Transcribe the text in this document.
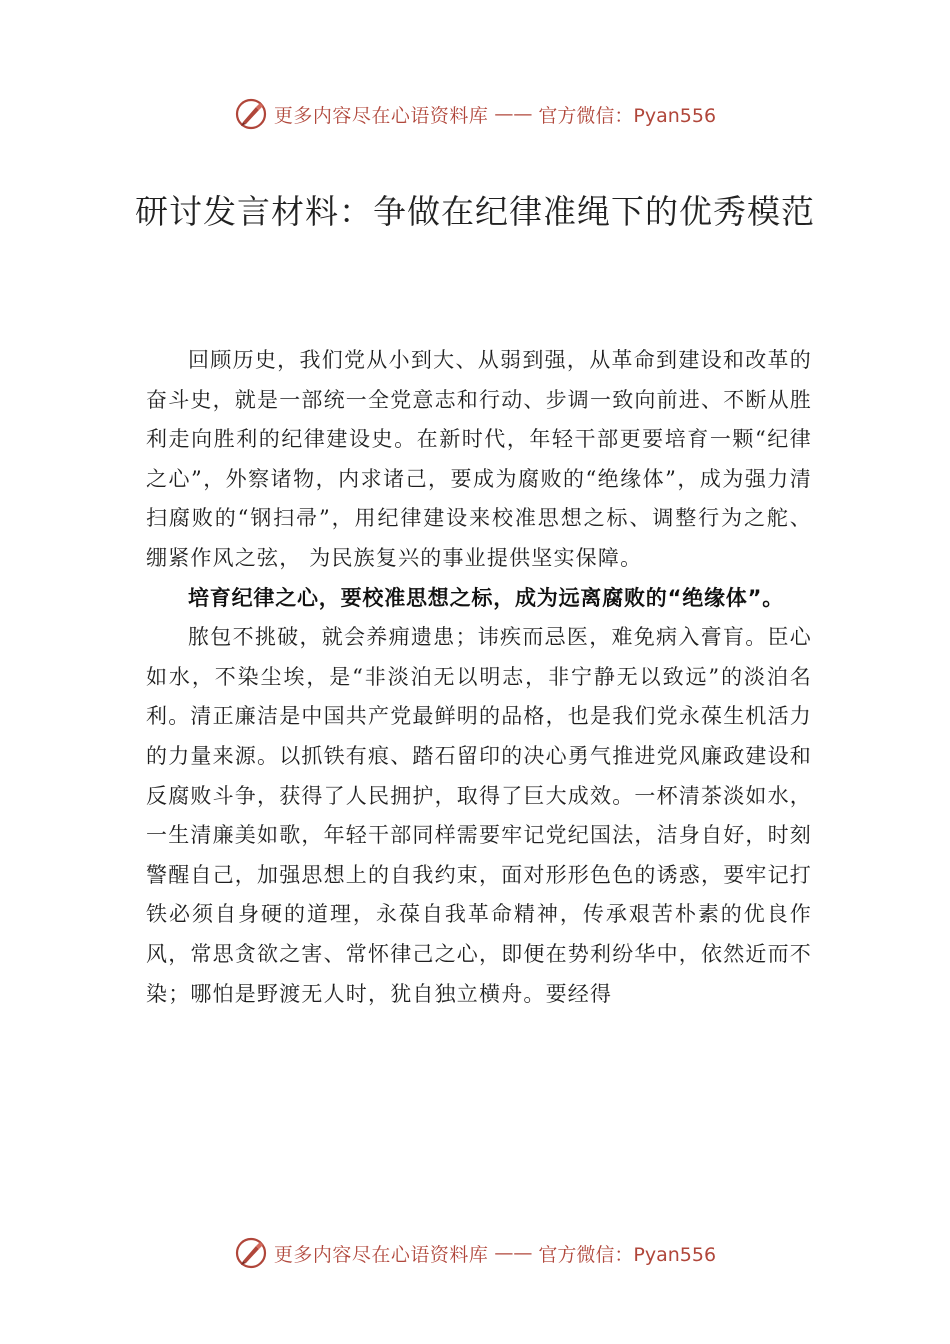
更多内容尽在心语资料库 —— 官方微信：Pyan556
研讨发言材料：争做在纪律准绳下的优秀模范

回顾历史，我们党从小到大、从弱到强，从革命到建设和改革的奋斗史，就是一部统一全党意志和行动、步调一致向前进、不断从胜利走向胜利的纪律建设史。在新时代，年轻干部更要培育一颗“纪律之心”，外察诸物，内求诸己，要成为腐败的“绝缘体”，成为强力清扫腐败的“钢扫帚”，用纪律建设来校准思想之标、调整行为之舵、绷紧作风之弦， 为民族复兴的事业提供坚实保障。

培育纪律之心，要校准思想之标，成为远离腐败的“绝缘体”。

脓包不挑破，就会养痈遗患；讳疾而忌医，难免病入膏肓。臣心如水，不染尘埃，是“非淡泊无以明志，非宁静无以致远”的淡泊名利。清正廉洁是中国共产党最鲜明的品格，也是我们党永葆生机活力的力量来源。以抓铁有痕、踏石留印的决心勇气推进党风廉政建设和反腐败斗争，获得了人民拥护，取得了巨大成效。一杯清茶淡如水，一生清廉美如歌，年轻干部同样需要牢记党纪国法，洁身自好，时刻警醒自己，加强思想上的自我约束，面对形形色色的诱惑，要牢记打铁必须自身硬的道理，永葆自我革命精神，传承艰苦朴素的优良作风，常思贪欲之害、常怀律己之心，即便在势利纷华中，依然近而不染；哪怕是野渡无人时，犹自独立横舟。要经得

更多内容尽在心语资料库 —— 官方微信：Pyan556
